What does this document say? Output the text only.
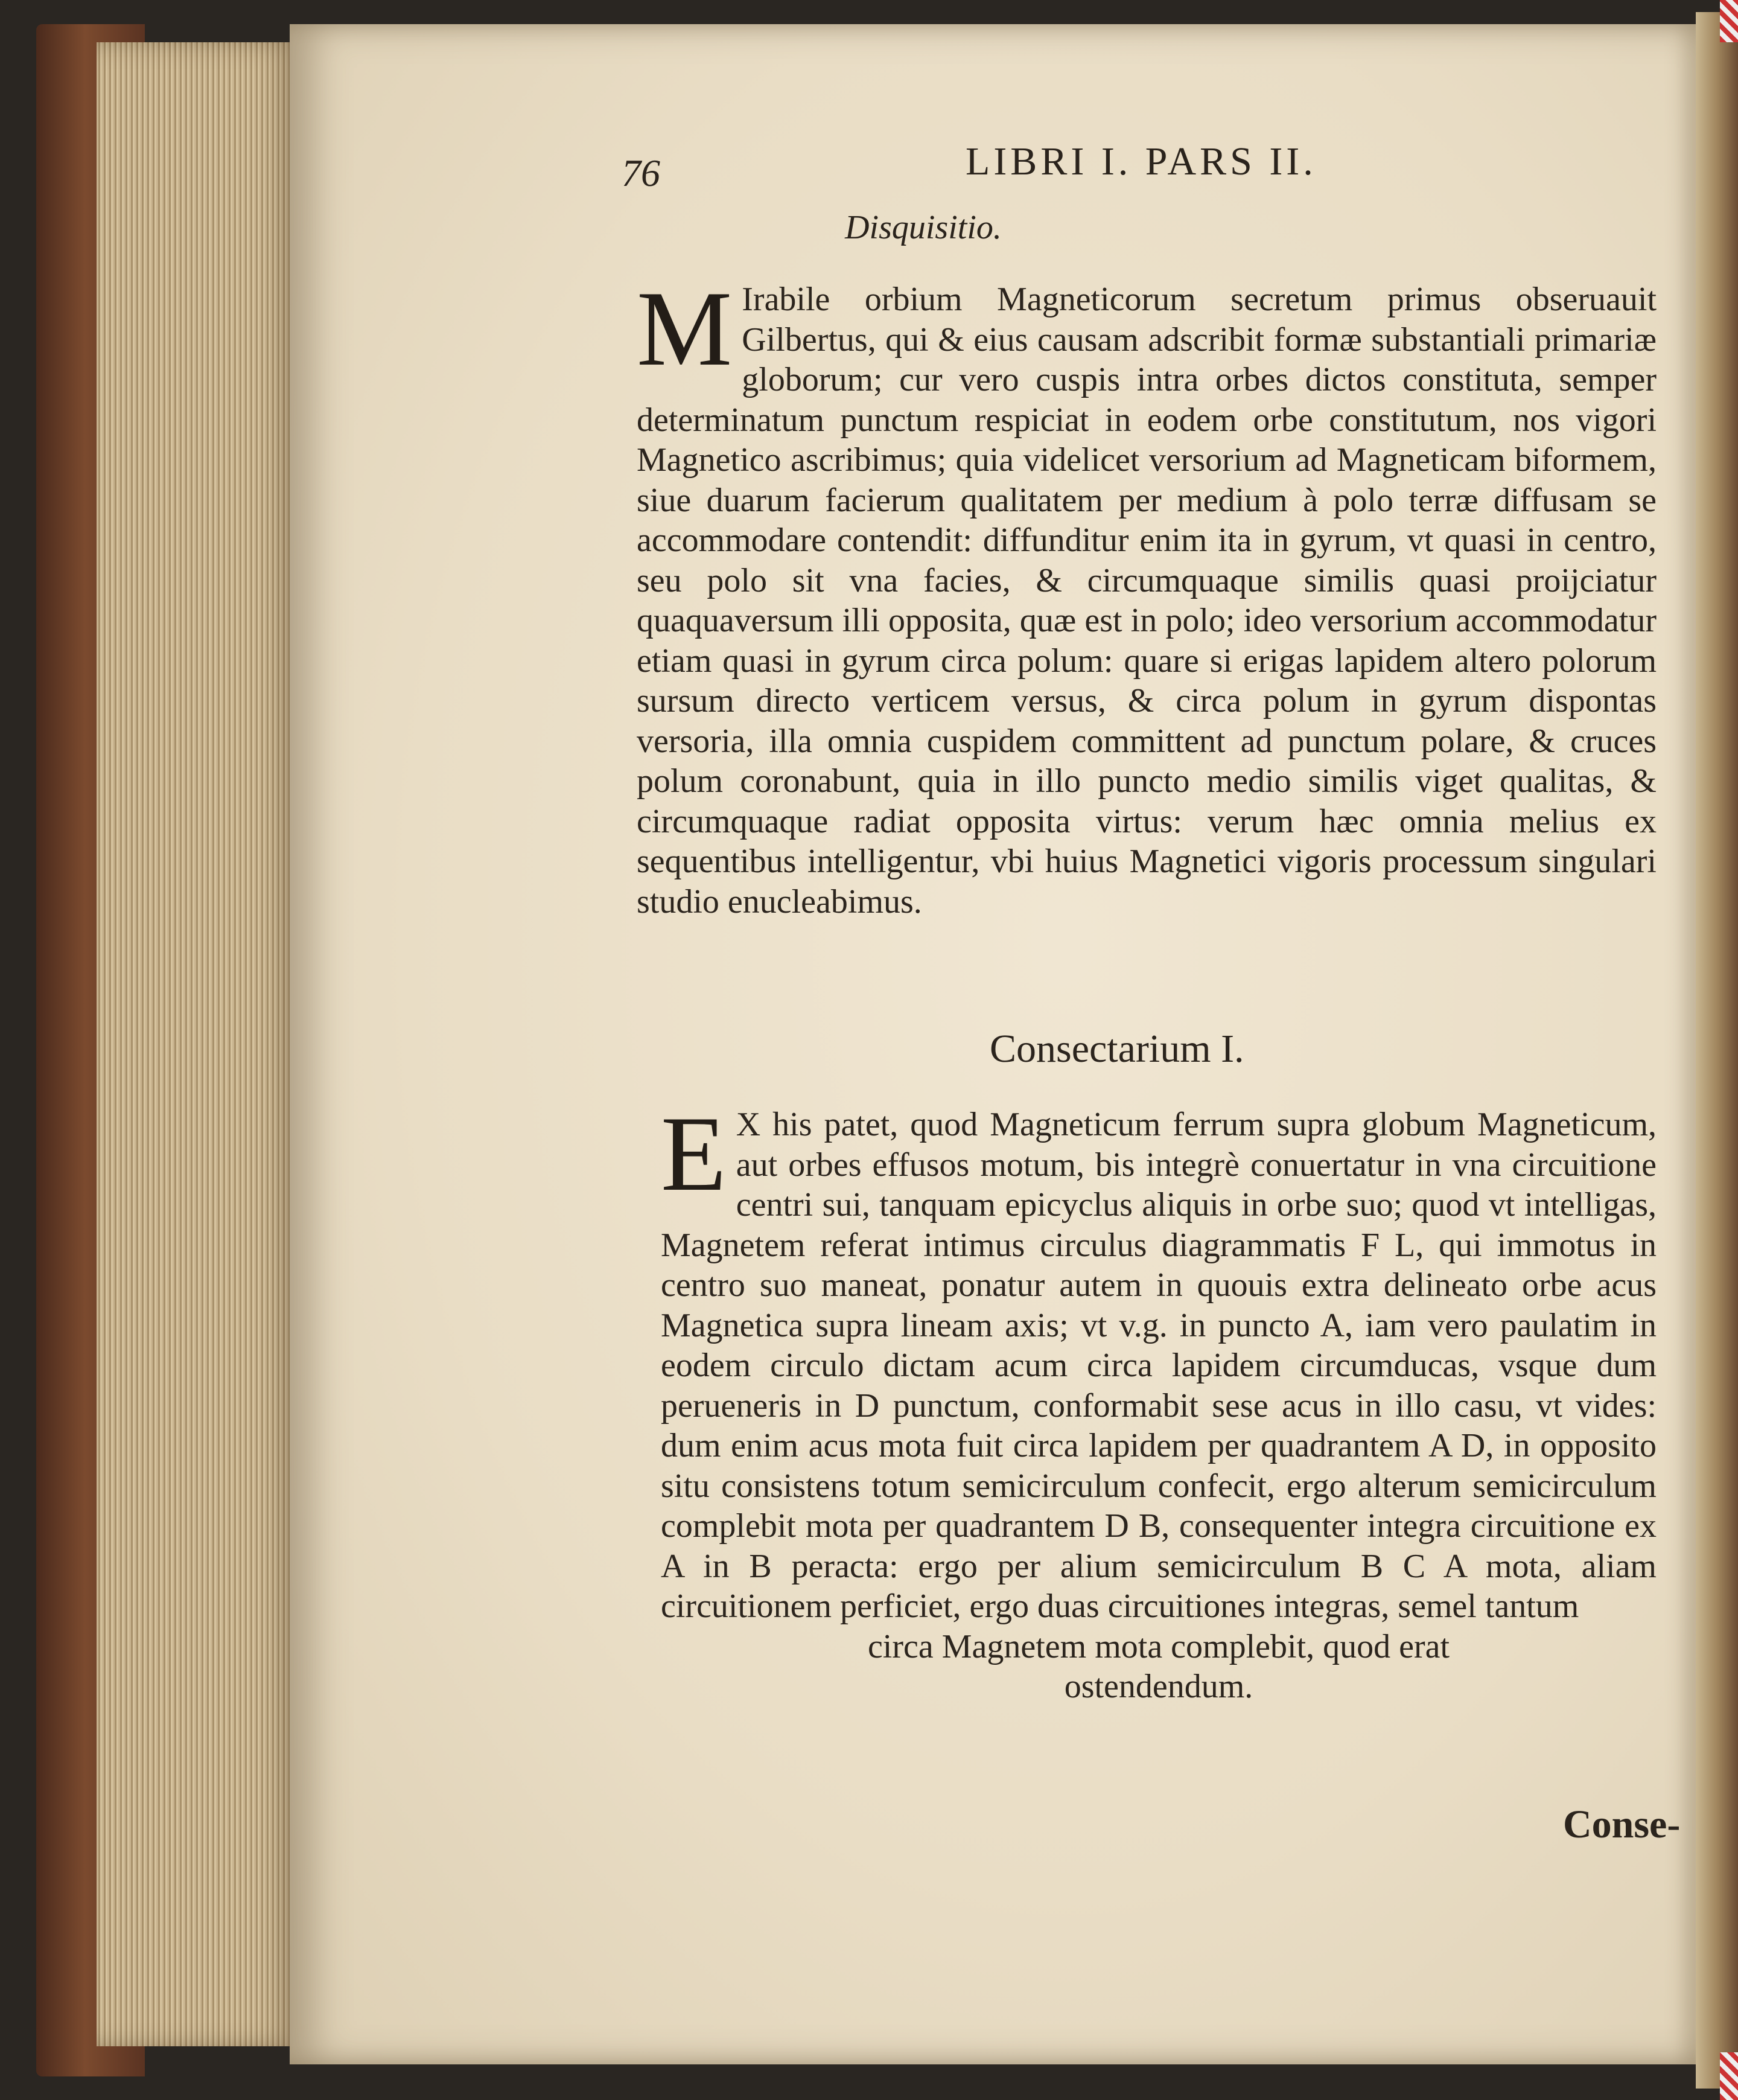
76	LIBRI I. PARS II.
Disquisitio.
M Irabile orbium Magneticorum secretum primus obseruauit Gilbertus, qui & eius causam adscribit formæ substantiali primariæ globorum; cur vero cuspis intra orbes dictos constituta, semper determinatum punctum respiciat in eodem orbe constitutum, nos vigori Magnetico ascribimus; quia videlicet versorium ad Magneticam biformem, siue duarum facierum qualitatem per medium à polo terræ diffusam se accommodare contendit: diffunditur enim ita in gyrum, vt quasi in centro, seu polo sit vna facies, & circumquaque similis quasi proijciatur quaquaversum illi opposita, quæ est in polo; ideo versorium accommodatur etiam quasi in gyrum circa polum: quare si erigas lapidem altero polorum sursum directo verticem versus, & circa polum in gyrum dispontas versoria, illa omnia cuspidem committent ad punctum polare, & cruces polum coronabunt, quia in illo puncto medio similis viget qualitas, & circumquaque radiat opposita virtus: verum hæc omnia melius ex sequentibus intelligentur, vbi huius Magnetici vigoris processum singulari studio enucleabimus.
Consectarium I.
E X his patet, quod Magneticum ferrum supra globum Magneticum, aut orbes effusos motum, bis integrè conuertatur in vna circuitione centri sui, tanquam epicyclus aliquis in orbe suo; quod vt intelligas, Magnetem referat intimus circulus diagrammatis F L, qui immotus in centro suo maneat, ponatur autem in quouis extra delineato orbe acus Magnetica supra lineam axis; vt v.g. in puncto A, iam vero paulatim in eodem circulo dictam acum circa lapidem circumducas, vsque dum perueneris in D punctum, conformabit sese acus in illo casu, vt vides: dum enim acus mota fuit circa lapidem per quadrantem A D, in opposito situ consistens totum semicirculum confecit, ergo alterum semicirculum complebit mota per quadrantem D B, consequenter integra circuitione ex A in B peracta: ergo per alium semicirculum B C A mota, aliam circuitionem perficiet, ergo duas circuitiones integras, semel tantum
circa Magnetem mota complebit, quod erat
ostendendum.
Conse-
